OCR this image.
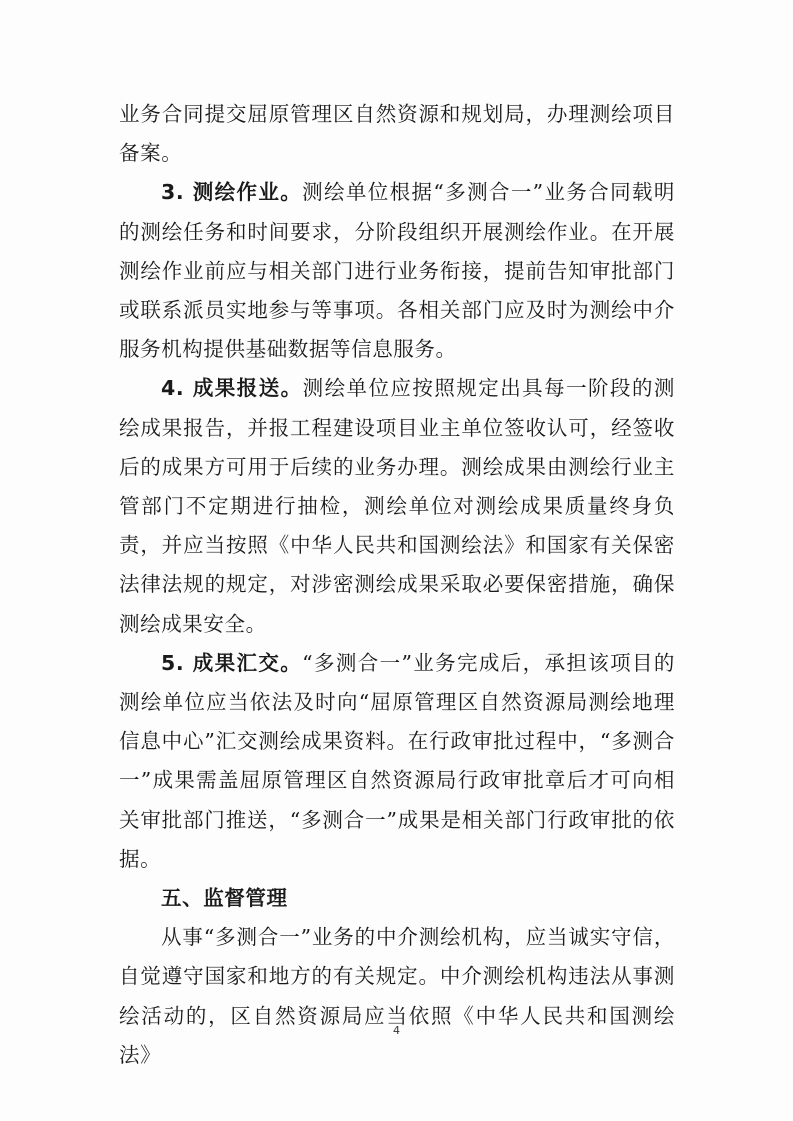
业务合同提交屈原管理区自然资源和规划局，办理测绘项目备案。

3. 测绘作业。测绘单位根据“多测合一”业务合同载明的测绘任务和时间要求，分阶段组织开展测绘作业。在开展测绘作业前应与相关部门进行业务衔接，提前告知审批部门或联系派员实地参与等事项。各相关部门应及时为测绘中介服务机构提供基础数据等信息服务。

4. 成果报送。测绘单位应按照规定出具每一阶段的测绘成果报告，并报工程建设项目业主单位签收认可，经签收后的成果方可用于后续的业务办理。测绘成果由测绘行业主管部门不定期进行抽检，测绘单位对测绘成果质量终身负责，并应当按照《中华人民共和国测绘法》和国家有关保密法律法规的规定，对涉密测绘成果采取必要保密措施，确保测绘成果安全。

5. 成果汇交。“多测合一”业务完成后，承担该项目的测绘单位应当依法及时向“屈原管理区自然资源局测绘地理信息中心”汇交测绘成果资料。在行政审批过程中，“多测合一”成果需盖屈原管理区自然资源局行政审批章后才可向相关审批部门推送，“多测合一”成果是相关部门行政审批的依据。

五、监督管理

从事“多测合一”业务的中介测绘机构，应当诚实守信，自觉遵守国家和地方的有关规定。中介测绘机构违法从事测绘活动的，区自然资源局应当依照《中华人民共和国测绘法》

4
